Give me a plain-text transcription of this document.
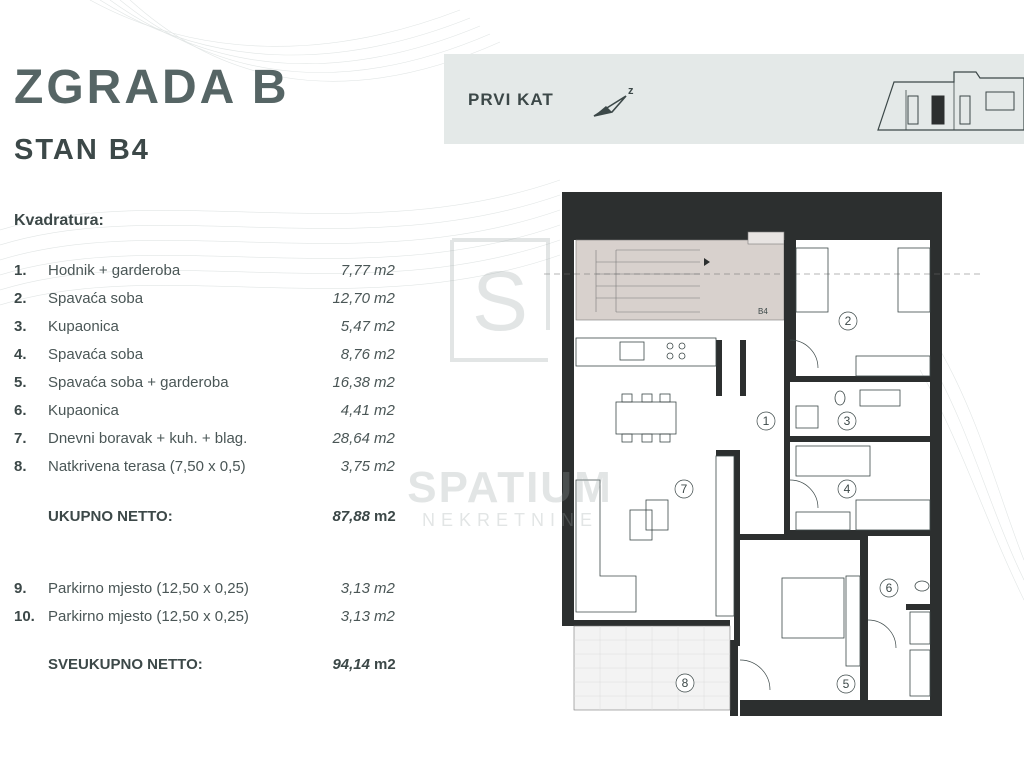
ZGRADA B
STAN B4
Kvadratura:
1. Hodnik + garderoba	7,77 m2
2. Spavaća soba	12,70 m2
3. Kupaonica	5,47 m2
4. Spavaća soba	8,76 m2
5. Spavaća soba + garderoba	16,38 m2
6. Kupaonica	4,41 m2
7. Dnevni boravak + kuh. + blag.	28,64 m2
8. Natkrivena terasa (7,50 x 0,5)	3,75 m2
UKUPNO NETTO:	87,88 m2
9. Parkirno mjesto (12,50 x 0,25)	3,13 m2
10. Parkirno mjesto (12,50 x 0,25)	3,13 m2
SVEUKUPNO NETTO:	94,14 m2
PRVI KAT	z
B4
1
2
3
4
5
6
7
8
S
SPATIUM
NEKRETNINE
